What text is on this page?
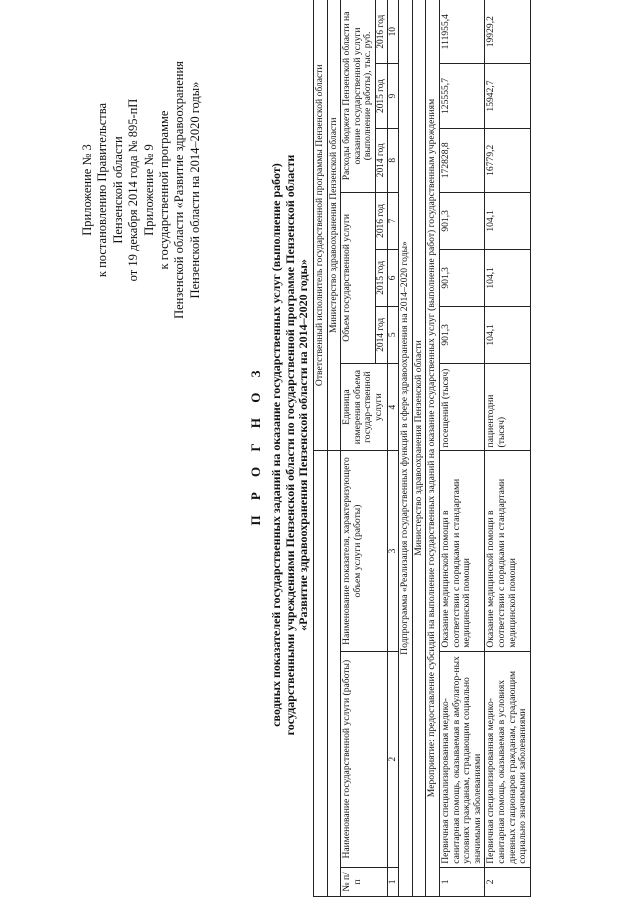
Приложение № 3 к постановлению Правительства Пензенской области от 19 декабря 2014 года № 895-пП Приложение № 9 к государственной программе Пензенской области «Развитие здравоохранения Пензенской области на 2014–2020 годы»
П Р О Г Н О З сводных показателей государственных заданий на оказание государственных услуг (выполнение работ) государственными учреждениями Пензенской области по государственной программе Пензенской области «Развитие здравоохранения Пензенской области на 2014–2020 годы»
			Ответственный исполнитель государственной программы Пензенской области						
			Министерство здравоохранения Пензенской области						
№ п/п	Наименование государственной услуги (работы)	Наименование показателя, характеризующего объем услуги (работы)	Единица измерения объема государ-ственной услуги	Объем государственной услуги			Расходы бюджета Пензенской области на оказание государственной услуги (выполнение работы), тыс. руб.		
				2014 год	2015 год	2016 год	2014 год	2015 год	2016 год
1	2	3	4	5	6	7	8	9	10
Подпрограмма «Реализация государственных функций в сфере здравоохранения на 2014–2020 годы»									
Министерство здравоохранения Пензенской области									
Мероприятие: предоставление субсидий на выполнение государственных заданий на оказание государственных услуг (выполнение работ) государственным учреждениям									
1	Первичная специализированная медико-санитарная помощь, оказываемая в амбулатор-ных условиях гражданам, страдающим социально значимыми заболеваниями	Оказание медицинской помощи в соответствии с порядками и стандартами медицинской помощи	посещений (тысяч)	901,3	901,3	901,3	172828,8	125555,7	111955,4
2	Первичная специализированная медико-санитарная помощь, оказываемая в условиях дневных стационаров гражданам, страдающим социально значимыми заболеваниями	Оказание медицинской помощи в соответствии с порядками и стандартами медицинской помощи	пациентодни (тысяч)	104,1	104,1	104,1	16779,2	15942,7	19929,2
